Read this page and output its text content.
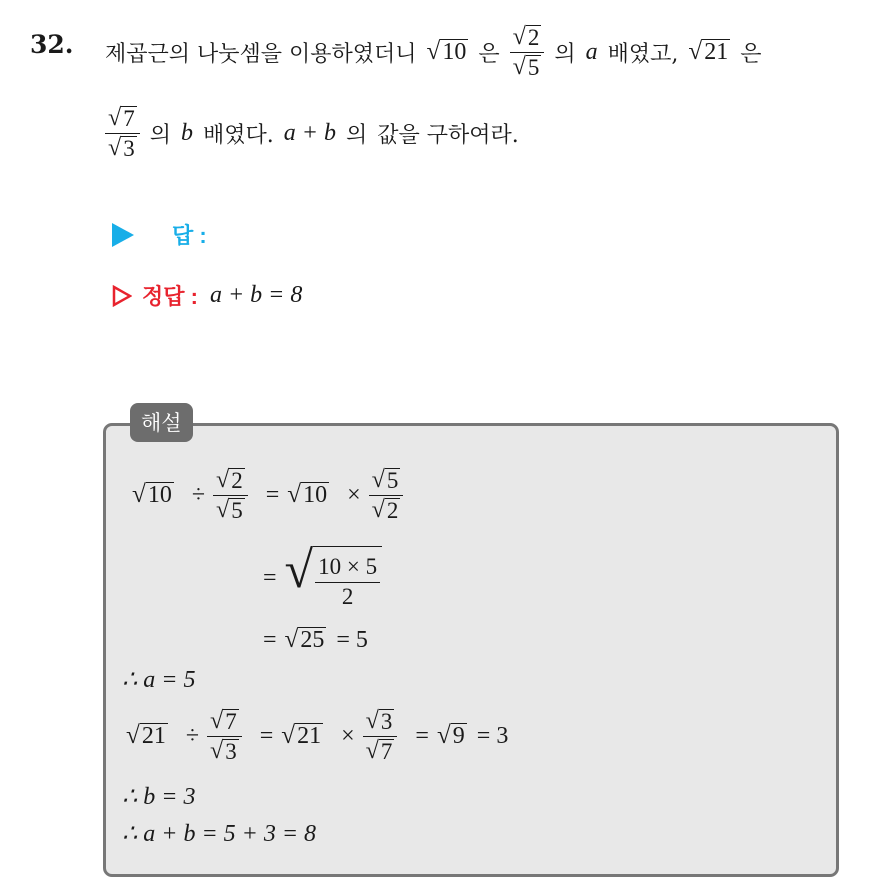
32. 제곱근의 나눗셈을 이용하였더니 √ 10 은 $\frac{√ 2}{√ 5}$ 의 a 배였고, √ 21 은
$\frac{√ 7}{√ 3}$ 의 b 배였다. a + b 의 값을 구하여라.
답 :
정답 : a + b = 8
해설
√ $10 \div \frac{√ 2}{√ 5}$ = √ $10 \times \frac{√ 5}{√ 2}$
= √ $\frac{10 \times 5}{2}$
= √ 25 = 5
∴ a = 5
√ $21 \div \frac{√ 7}{√ 3}$ = √ $21 \times \frac{√ 3}{√ 7}$ = √ 9 = 3
∴ b = 3
∴ a + b = 5 + 3 = 8
